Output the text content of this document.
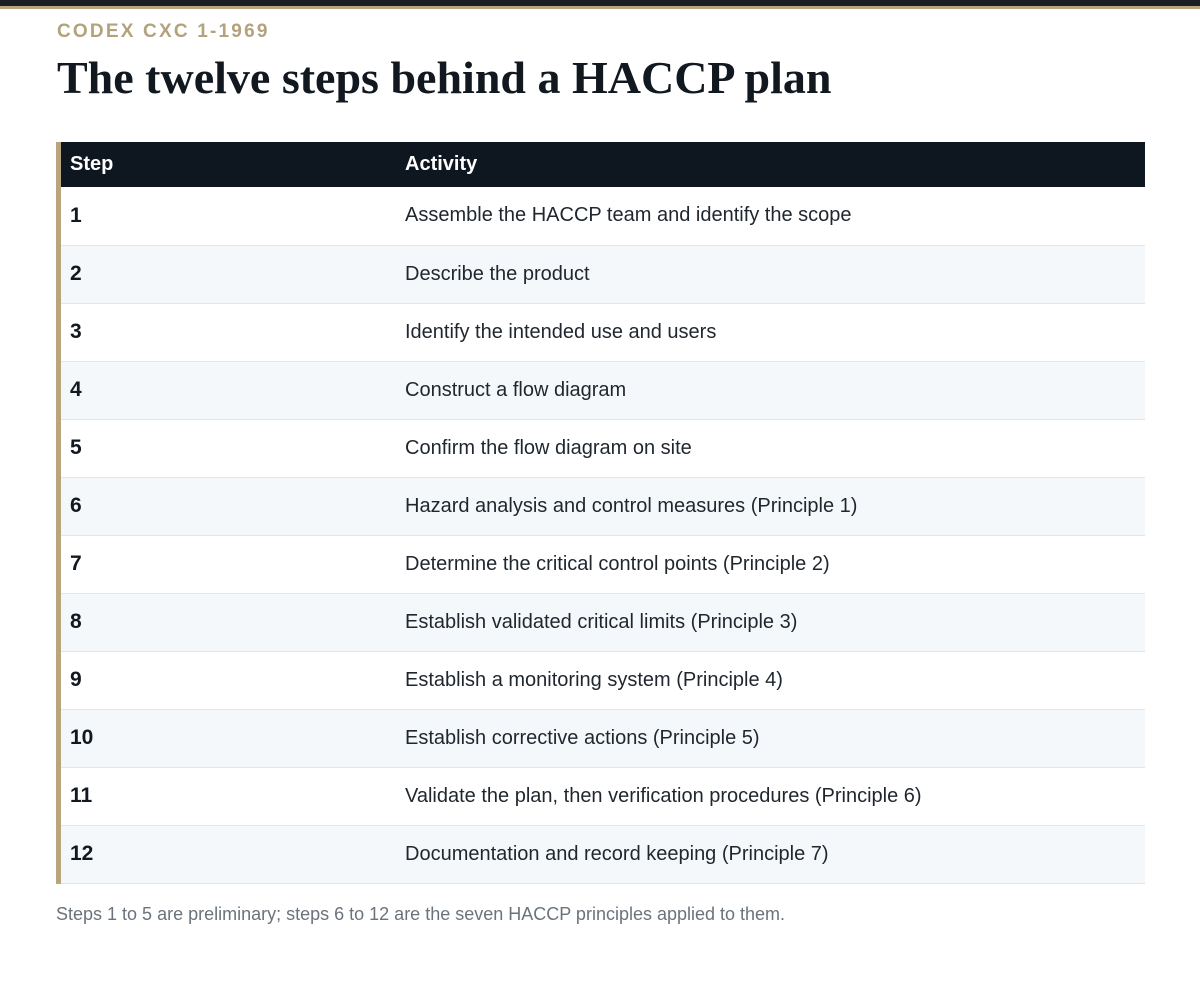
CODEX CXC 1-1969
The twelve steps behind a HACCP plan
Step	Activity
1	Assemble the HACCP team and identify the scope
2	Describe the product
3	Identify the intended use and users
4	Construct a flow diagram
5	Confirm the flow diagram on site
6	Hazard analysis and control measures (Principle 1)
7	Determine the critical control points (Principle 2)
8	Establish validated critical limits (Principle 3)
9	Establish a monitoring system (Principle 4)
10	Establish corrective actions (Principle 5)
11	Validate the plan, then verification procedures (Principle 6)
12	Documentation and record keeping (Principle 7)
Steps 1 to 5 are preliminary; steps 6 to 12 are the seven HACCP principles applied to them.
